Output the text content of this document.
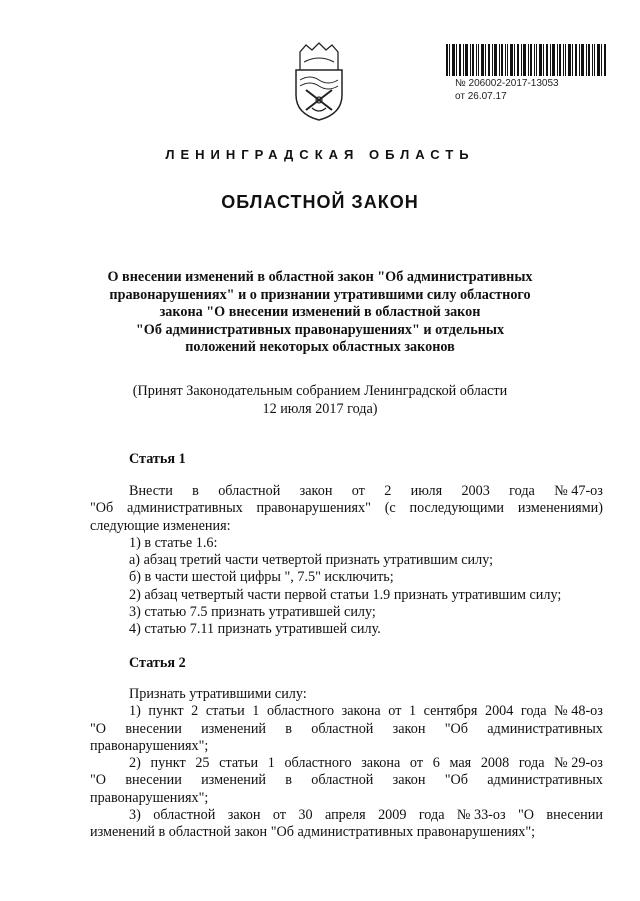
№ 206002-2017-13053
от 26.07.17
ЛЕНИНГРАДСКАЯ ОБЛАСТЬ
ОБЛАСТНОЙ ЗАКОН
О внесении изменений в областной закон "Об административных
правонарушениях" и о признании утратившими силу областного
закона "О внесении изменений в областной закон
"Об административных правонарушениях" и отдельных
положений некоторых областных законов
(Принят Законодательным собранием Ленинградской области
12 июля 2017 года)
Статья 1
Внести в областной закон от 2 июля 2003 года № 47-оз
"Об административных правонарушениях" (с последующими изменениями)
следующие изменения:
1) в статье 1.6:
а) абзац третий части четвертой признать утратившим силу;
б) в части шестой цифры ", 7.5" исключить;
2) абзац четвертый части первой статьи 1.9 признать утратившим силу;
3) статью 7.5 признать утратившей силу;
4) статью 7.11 признать утратившей силу.
Статья 2
Признать утратившими силу:
1) пункт 2 статьи 1 областного закона от 1 сентября 2004 года № 48-оз
"О внесении изменений в областной закон "Об административных
правонарушениях";
2) пункт 25 статьи 1 областного закона от 6 мая 2008 года № 29-оз
"О внесении изменений в областной закон "Об административных
правонарушениях";
3) областной закон от 30 апреля 2009 года № 33-оз "О внесении
изменений в областной закон "Об административных правонарушениях";
